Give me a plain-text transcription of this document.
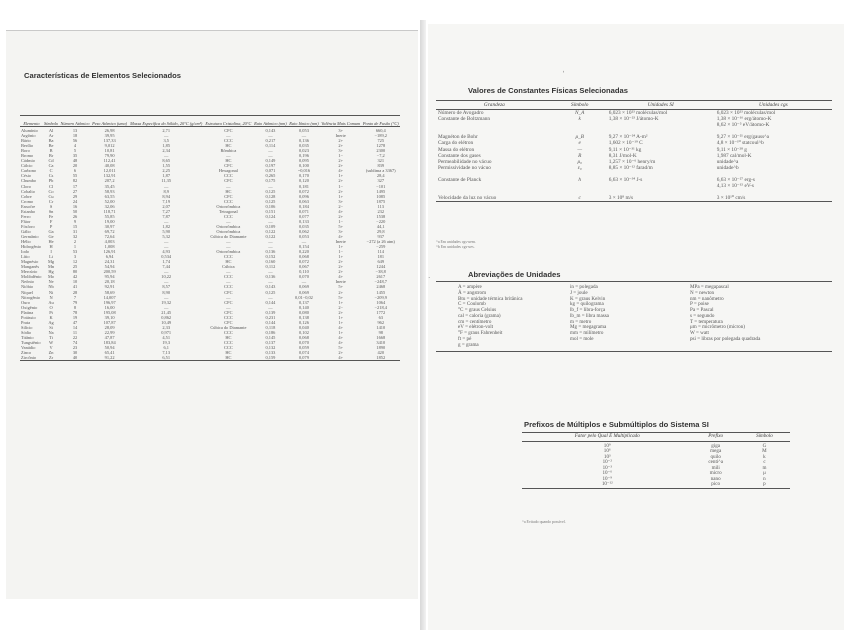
Características de Elementos Selecionados
Elemento	Símbolo	Número Atômico	Peso Atômico (uma)	Massa Específica do Sólido, 20°C (g/cm³)	Estrutura Cristalina, 20°C	Raio Atômico (nm)	Raio Iônico (nm)	Valência Mais Comum	Ponto de Fusão (°C)
Alumínio	Al	13	26,98	2,71	CFC	0,143	0,053	3+	660,4
Argônio	Ar	18	39,95	—	—	—	—	Inerte	−189,2
Bário	Ba	56	137,33	3,5	CCC	0,217	0,136	2+	725
Berílio	Be	4	9,012	1,85	HC	0,114	0,035	2+	1278
Boro	B	5	10,81	2,34	Rômbica	—	0,023	3+	2300
Bromo	Br	35	79,90	—	—	—	0,196	1−	−7,2
Cádmio	Cd	48	112,41	8,65	HC	0,149	0,095	2+	321
Cálcio	Ca	20	40,08	1,55	CFC	0,197	0,100	2+	839
Carbono	C	6	12,011	2,25	Hexagonal	0,071	~0,016	4+	(sublima a 3367)
Césio	Cs	55	132,91	1,87	CCC	0,265	0,170	1+	28,4
Chumbo	Pb	82	207,2	11,35	CFC	0,175	0,120	2+	327
Cloro	Cl	17	35,45	—	—	—	0,181	1−	−101
Cobalto	Co	27	58,93	8,9	HC	0,125	0,072	2+	1495
Cobre	Cu	29	63,55	8,94	CFC	0,128	0,096	1+	1085
Cromo	Cr	24	52,00	7,19	CCC	0,125	0,063	3+	1875
Enxofre	S	16	32,06	2,07	Ortorrômbica	0,106	0,184	2−	113
Estanho	Sn	50	118,71	7,27	Tetragonal	0,151	0,071	4+	232
Ferro	Fe	26	55,85	7,87	CCC	0,124	0,077	2+	1538
Flúor	F	9	19,00	—	—	—	0,133	1−	−220
Fósforo	P	15	30,97	1,82	Ortorrômbica	0,109	0,035	5+	44,1
Gálio	Ga	31	69,72	5,90	Ortorrômbica	0,122	0,062	3+	29,8
Germânio	Ge	32	72,64	5,32	Cúbica do Diamante	0,122	0,053	4+	937
Hélio	He	2	4,003	—	—	—	—	Inerte	−272 (a 26 atm)
Hidrogênio	H	1	1,008	—	—	—	0,154	1+	−259
Iodo	I	53	126,91	4,93	Ortorrômbica	0,136	0,220	1−	114
Lítio	Li	3	6,94	0,534	CCC	0,152	0,068	1+	181
Magnésio	Mg	12	24,31	1,74	HC	0,160	0,072	2+	649
Manganês	Mn	25	54,94	7,44	Cúbica	0,112	0,067	2+	1244
Mercúrio	Hg	80	200,59	—	—	—	0,110	2+	−38,8
Molibdênio	Mo	42	95,94	10,22	CCC	0,136	0,070	4+	2617
Neônio	Ne	10	20,18	—	—	—	—	Inerte	−248,7
Nióbio	Nb	41	92,91	8,57	CCC	0,143	0,069	5+	2468
Níquel	Ni	28	58,69	8,90	CFC	0,125	0,069	2+	1455
Nitrogênio	N	7	14,007	—	—	—	0,01−0,02	5+	−209,9
Ouro	Au	79	196,97	19,32	CFC	0,144	0,137	1+	1064
Oxigênio	O	8	16,00	—	—	—	0,140	2−	−218,4
Platina	Pt	78	195,08	21,45	CFC	0,139	0,080	2+	1772
Potássio	K	19	39,10	0,862	CCC	0,231	0,138	1+	63
Prata	Ag	47	107,87	10,49	CFC	0,144	0,126	1+	962
Silício	Si	14	28,09	2,33	Cúbica do Diamante	0,118	0,040	4+	1410
Sódio	Na	11	22,99	0,971	CCC	0,186	0,102	1+	98
Titânio	Ti	22	47,87	4,51	HC	0,145	0,068	4+	1668
Tungstênio	W	74	183,84	19,3	CCC	0,137	0,070	4+	3410
Vanádio	V	23	50,94	6,1	CCC	0,132	0,059	5+	1890
Zinco	Zn	30	65,41	7,13	HC	0,133	0,074	2+	420
Zircônio	Zr	40	91,22	6,51	HC	0,159	0,079	4+	1852
ˌ
Valores de Constantes Físicas Selecionadas
Grandeza	Símbolo	Unidades SI	Unidades cgs
Número de Avogadro	N_A	6,023 × 10²³ moléculas/mol	6,023 × 10²³ moléculas/mol
Constante de Boltzmann	k	1,38 × 10⁻²³ J/átomo-K	1,38 × 10⁻¹⁶ erg/átomo-K
			8,62 × 10⁻⁵ eV/átomo-K
Magnéton de Bohr	μ_B	9,27 × 10⁻²⁴ A-m²	9,27 × 10⁻²¹ erg/gauss^a
Carga do elétron	e	1,602 × 10⁻¹⁹ C	4,8 × 10⁻¹⁰ statcoul^b
Massa do elétron	—	9,11 × 10⁻³¹ kg	9,11 × 10⁻²⁸ g
Constante dos gases	R	8,31 J/mol-K	1,987 cal/mol-K
Permeabilidade no vácuo	μ₀	1,257 × 10⁻⁶ henry/m	unidade^a
Permissividade no vácuo	ε₀	8,85 × 10⁻¹² farad/m	unidade^b
Constante de Planck	h	6,63 × 10⁻³⁴ J-s	6,63 × 10⁻²⁷ erg-s
			4,13 × 10⁻¹⁵ eV-s
Velocidade da luz no vácuo	c	3 × 10⁸ m/s	3 × 10¹⁰ cm/s
^a Em unidades cgs-uem.
^b Em unidades cgs-ues.
Abreviações de Unidades
A = ampère	in = polegada	MPa = megapascal
Å = angstrom	J = joule	N = newton
Btu = unidade térmica britânica	K = graus Kelvin	nm = nanômetro
C = Coulomb	kg = quilograma	P = poise
°C = graus Celsius	lb_f = libra-força	Pa = Pascal
cal = caloria (grama)	lb_m = libra massa	s = segundo
cm = centímetro	m = metro	T = temperatura
eV = elétron-volt	Mg = megagrama	μm = micrômetro (mícron)
°F = graus Fahrenheit	mm = milímetro	W = watt
ft = pé	mol = mole	psi = libras por polegada quadrada
g = grama		
Prefixos de Múltiplos e Submúltiplos do Sistema SI
Fator pelo Qual É Multiplicado	Prefixo	Símbolo
10⁹	giga	G
10⁶	mega	M
10³	quilo	k
10⁻²	centi^a	c
10⁻³	mili	m
10⁻⁶	micro	μ
10⁻⁹	nano	n
10⁻¹²	pico	p
^a Evitado quando possível.
·
